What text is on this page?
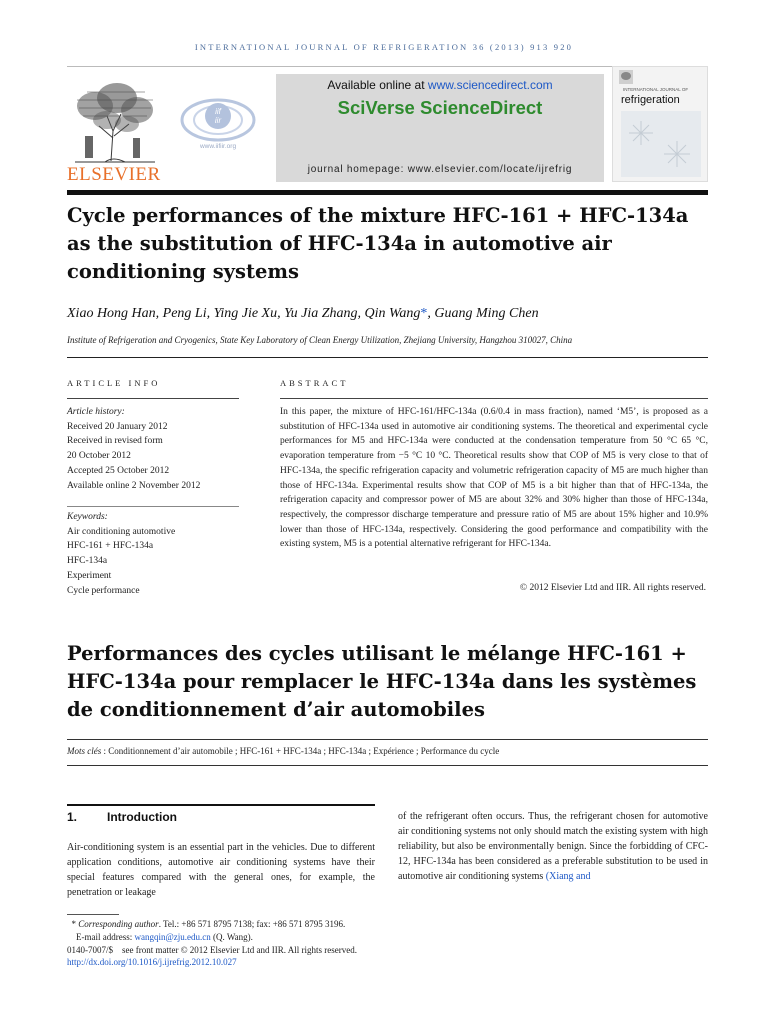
INTERNATIONAL JOURNAL OF REFRIGERATION 36 (2013) 913 920
ELSEVIER
iif
iir
www.iifiir.org
Available online at www.sciencedirect.com
SciVerse ScienceDirect
journal homepage: www.elsevier.com/locate/ijrefrig
INTERNATIONAL JOURNAL OF
refrigeration
Cycle performances of the mixture HFC-161 + HFC-134a as the substitution of HFC-134a in automotive air conditioning systems
Xiao Hong Han, Peng Li, Ying Jie Xu, Yu Jia Zhang, Qin Wang*, Guang Ming Chen
Institute of Refrigeration and Cryogenics, State Key Laboratory of Clean Energy Utilization, Zhejiang University, Hangzhou 310027, China
ARTICLE INFO	ABSTRACT
Article history:
Received 20 January 2012
Received in revised form
20 October 2012
Accepted 25 October 2012
Available online 2 November 2012
Keywords:
Air conditioning automotive
HFC-161 + HFC-134a
HFC-134a
Experiment
Cycle performance
In this paper, the mixture of HFC-161/HFC-134a (0.6/0.4 in mass fraction), named ‘M5’, is proposed as a substitution of HFC-134a used in automotive air conditioning systems. The theoretical and experimental cycle performances for M5 and HFC-134a were conducted at the condensation temperature from 50 °C 65 °C, evaporation temperature from −5 °C 10 °C. Theoretical results show that COP of M5 is very close to that of HFC-134a, the specific refrigeration capacity and volumetric refrigeration capacity of M5 are much higher than those of HFC-134a. Experimental results show that COP of M5 is a bit higher than that of HFC-134a, the refrigeration capacity and compressor power of M5 are about 32% and 30% higher than those of HFC-134a, respectively, the compressor discharge temperature and pressure ratio of M5 are about 15% higher and 10.9% lower than those of HFC-134a, respectively. Considering the good performance and compatibility with the existing system, M5 is a potential alternative refrigerant for HFC-134a.
© 2012 Elsevier Ltd and IIR. All rights reserved.
Performances des cycles utilisant le mélange HFC-161 + HFC-134a pour remplacer le HFC-134a dans les systèmes de conditionnement d’air automobiles
Mots clés : Conditionnement d’air automobile ; HFC-161 + HFC-134a ; HFC-134a ; Expérience ; Performance du cycle
1. Introduction
Air-conditioning system is an essential part in the vehicles. Due to different application conditions, automotive air conditioning systems have their special features compared with the general ones, for example, the penetration or leakage
of the refrigerant often occurs. Thus, the refrigerant chosen for automotive air conditioning systems not only should match the existing system with high reliability, but also be environmentally benign. Since the forbidding of CFC-12, HFC-134a has been considered as a preferable substitution to be used in automotive air conditioning systems (Xiang and
* Corresponding author. Tel.: +86 571 8795 7138; fax: +86 571 8795 3196.
E-mail address: wangqin@zju.edu.cn (Q. Wang).
0140-7007/$    see front matter © 2012 Elsevier Ltd and IIR. All rights reserved.
http://dx.doi.org/10.1016/j.ijrefrig.2012.10.027
